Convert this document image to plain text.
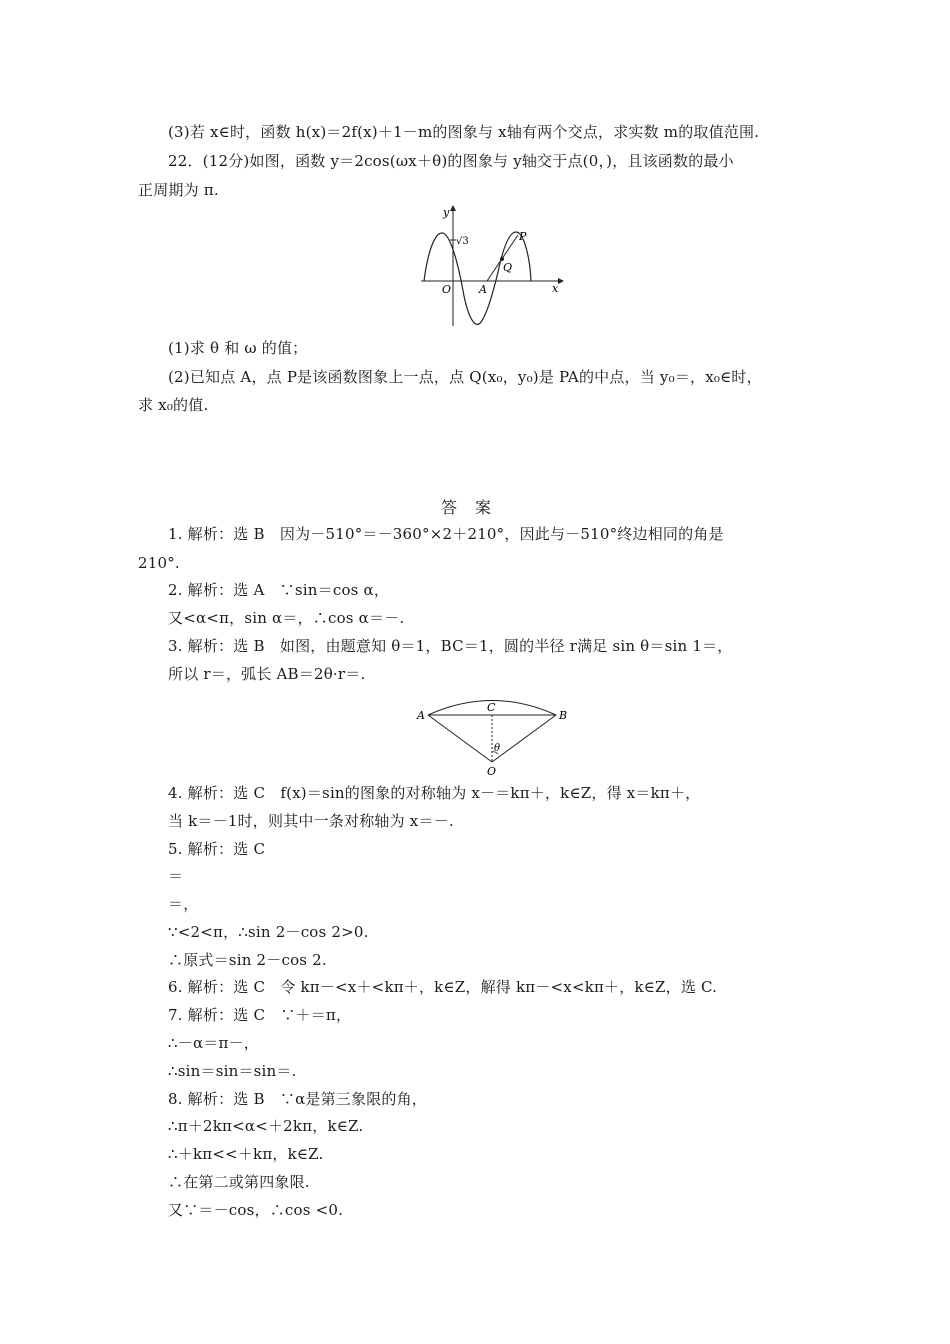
(3)若 x∈时，函数 h(x)＝2f(x)＋1－m的图象与 x轴有两个交点，求实数 m的取值范围.
22．(12分)如图，函数 y＝2cos(ωx＋θ)的图象与 y轴交于点(0，)，且该函数的最小
正周期为 π.
y
x
O	A
P
Q
√3
(1)求 θ 和 ω 的值；
(2)已知点 A，点 P是该函数图象上一点，点 Q(x₀，y₀)是 PA的中点，当 y₀＝，x₀∈时，
求 x₀的值.
答案
1. 解析：选 B　因为－510°＝－360°×2＋210°，因此与－510°终边相同的角是
210°.
2. 解析：选 A　∵sin＝cos α，
又<α<π，sin α＝，∴cos α＝－.
3. 解析：选 B　如图，由题意知 θ＝1，BC＝1，圆的半径 r满足 sin θ＝sin 1＝，
所以 r＝，弧长 AB＝2θ·r＝.
A	B
C
O
θ
4. 解析：选 C　f(x)＝sin的图象的对称轴为 x－＝kπ＋，k∈Z，得 x＝kπ＋，
当 k＝－1时，则其中一条对称轴为 x＝－.
5. 解析：选 C
＝
＝，
∵<2<π，∴sin 2－cos 2>0.
∴原式＝sin 2－cos 2.
6. 解析：选 C　令 kπ－<x＋<kπ＋，k∈Z，解得 kπ－<x<kπ＋，k∈Z，选 C.
7. 解析：选 C　∵＋＝π，
∴－α＝π－，
∴sin＝sin＝sin＝.
8. 解析：选 B　∵α是第三象限的角，
∴π＋2kπ<α<＋2kπ，k∈Z.
∴＋kπ<<＋kπ，k∈Z.
∴在第二或第四象限.
又∵＝－cos，∴cos <0.
